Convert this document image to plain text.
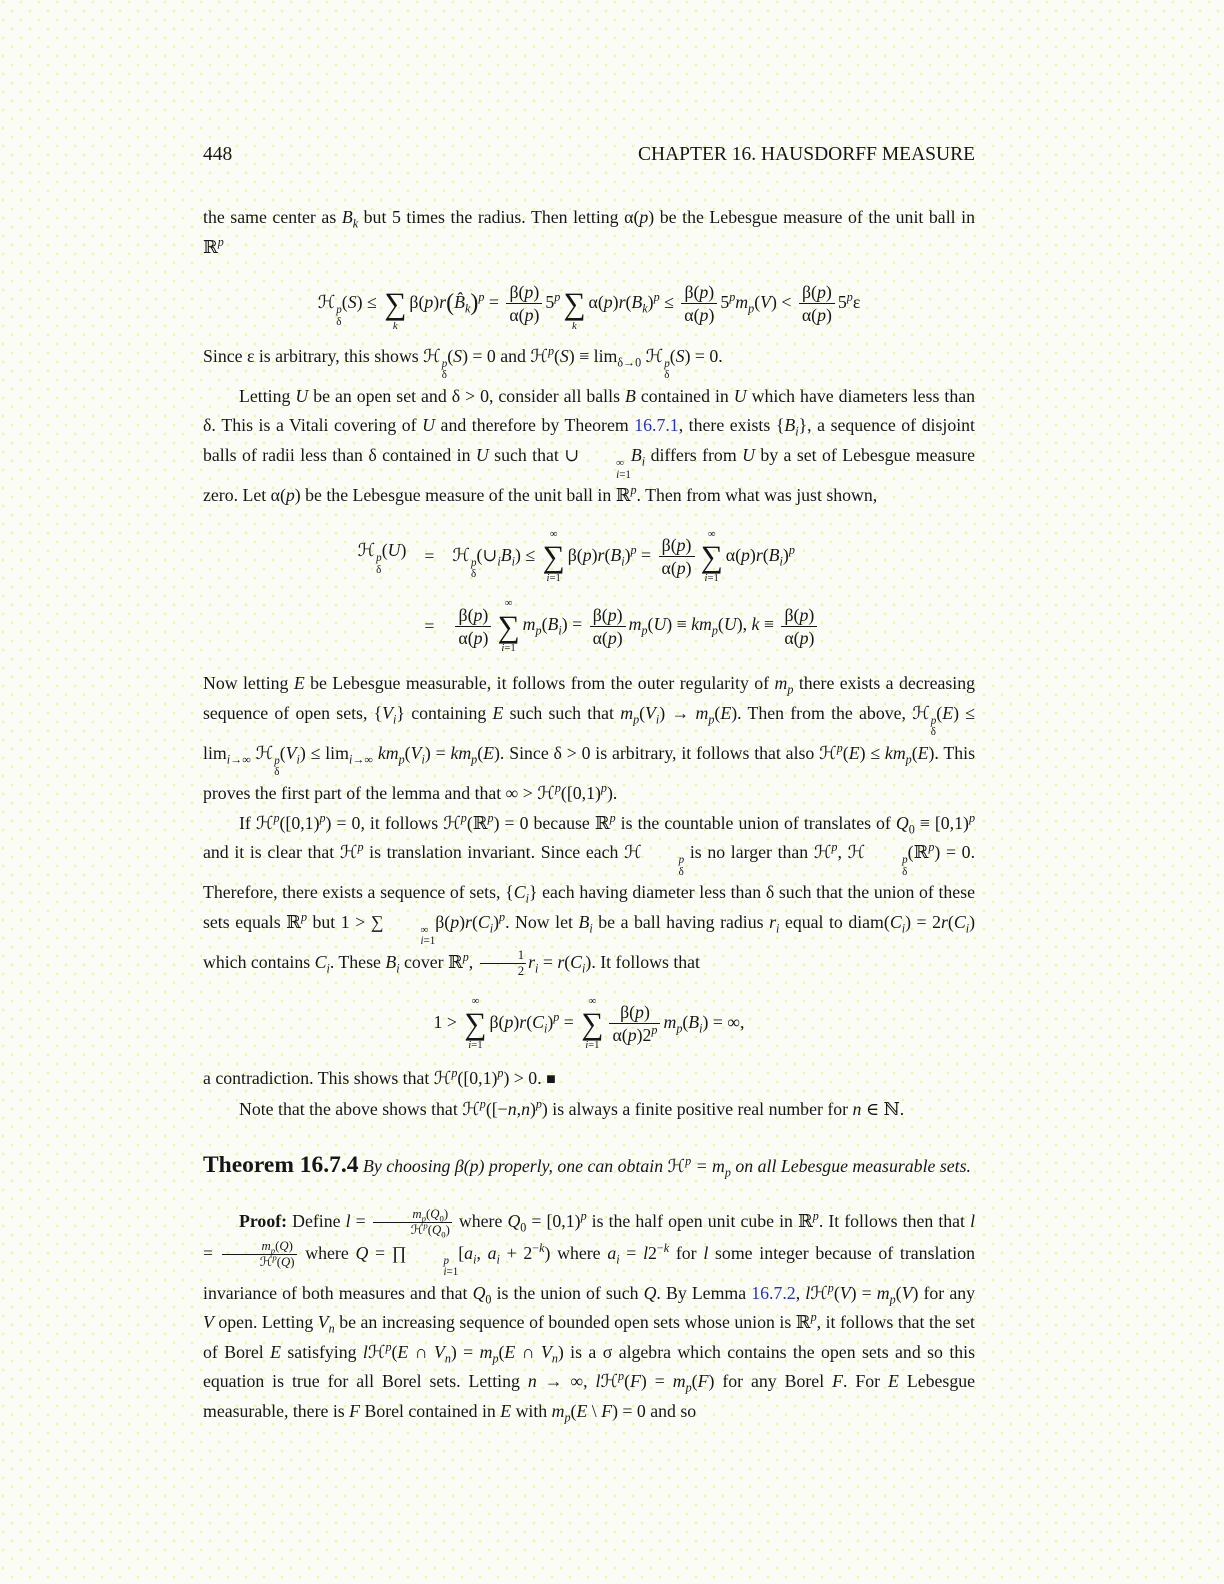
448	CHAPTER 16. HAUSDORFF MEASURE

the same center as $B_k$ but 5 times the radius. Then letting α(p) be the Lebesgue measure of the unit ball in ℝ$^p$

ℋ p
δ
(S) ≤
∑
k
$\beta(p)r(B̂_k)^p = \frac{\beta(p)}{\alpha(p)} 5^p$
∑
k
$\alpha(p)r(B_k)^p \le \frac{\beta(p)}{\alpha(p)} 5^pm_p(V) < \frac{\beta(p)}{\alpha(p)} 5^p\varepsilon$

Since ε is arbitrary, this shows ℋ p
δ
(S) = 0 and ℋ$^p$(S) ≡ $\lim_{\delta\to 0}$ ℋ p
δ
(S) = 0.

Letting U be an open set and δ > 0, consider all balls B contained in U which have diameters less than δ. This is a Vitali covering of U and therefore by Theorem 16.7.1, there exists $\{B_i\}$, a sequence of disjoint balls of radii less than δ contained in U such that ∪	∞
i=1
$B_i$ differs from U by a set of Lebesgue measure zero. Let α(p) be the Lebesgue measure of the unit ball in ℝ$^p$. Then from what was just shown,

ℋ p
δ
(U) = ℋ p
δ
$(\cup_iB_i)$ ≤
∞
∑
i=1
$\beta(p)r(B_i)^p = \frac{\beta(p)}{\alpha(p)}$
∞
∑
i=1
$\alpha(p)r(B_i)^p$
= $\frac{\beta(p)}{\alpha(p)}$
∞
∑
i=1
$m_p(B_i) = \frac{\beta(p)}{\alpha(p)} m_p(U) \equiv km_p(U)$, $k \equiv \frac{\beta(p)}{\alpha(p)}$

Now letting E be Lebesgue measurable, it follows from the outer regularity of $m_p$ there exists a decreasing sequence of open sets, $\{V_i\}$ containing E such such that $m_p(V_i) \to m_p(E)$. Then from the above, ℋ p
δ
$(E) \le \lim_{i\to\infty}$ ℋ p
δ
$(V_i) \le \lim_{i\to\infty} km_p(V_i) = km_p(E)$. Since δ > 0 is arbitrary, it follows that also ℋ$^p$(E) ≤ $km_p(E)$. This proves the first part of the lemma and that ∞ > $ℋ^p([0,1)^p)$.

If $ℋ^p([0,1)^p) = 0$, it follows ℋ$^p$(ℝ$^p$) = 0 because ℝ$^p$ is the countable union of translates of $Q_0 \equiv [0,1)^p$ and it is clear that ℋ$^p$ is translation invariant. Since each ℋ	p
δ
is no larger than ℋ$^p$, ℋ	p
δ
(ℝ$^p$) = 0. Therefore, there exists a sequence of sets, $\{C_i\}$ each having diameter less than δ such that the union of these sets equals ℝ$^p$ but 1 > ∑	∞
i=1
$\beta(p)r(C_i)^p$. Now let $B_i$ be a ball having radius $r_i$ equal to $diam(C_i) = 2r(C_i)$ which contains $C_i$. These $B_i$ cover ℝ$^p$, $\frac{1}{2} r_i = r(C_i)$. It follows that

1 >
∞
∑
i=1
$\beta(p)r(C_i)^p$ =
∞
∑
$i=1 \frac{\beta(p)}{\alpha(p)2^p} m_p(B_i)$ = ∞,

a contradiction. This shows that $ℋ^p([0,1)^p) > 0$. ■

Note that the above shows that $ℋ^p([-n,n)^p)$ is always a finite positive real number for n ∈ ℕ.

Theorem 16.7.4 By choosing β(p) properly, one can obtain ℋ$^p$ = $m_p$ on all Lebesgue measurable sets.

Proof: Define l =	$m_p(Q_0)$
$ℋ^p(Q_0)$ where $Q_0 = [0,1)^p$ is the half open unit cube in ℝ$^p$. It follows then that l =	$m_p(Q)$
ℋ$^p$(Q) where Q = ∏	p
i=1
[$a_i$, $a_i + 2^{-k}$) where $a_i = l2^{-k}$ for l some integer because of translation invariance of both measures and that $Q_0$ is the union of such Q. By Lemma 16.7.2, lℋ$^p$(V) = $m_p(V)$ for any V open. Letting $V_n$ be an increasing sequence of bounded open sets whose union is ℝ$^p$, it follows that the set of Borel E satisfying lℋ$^p$(E ∩ $V_n) = m_p(E$ ∩ $V_n$) is a σ algebra which contains the open sets and so this equation is true for all Borel sets. Letting n → ∞, lℋ$^p$(F) = $m_p(F)$ for any Borel F. For E Lebesgue measurable, there is F Borel contained in E with $m_p(E$ \ F) = 0 and so
